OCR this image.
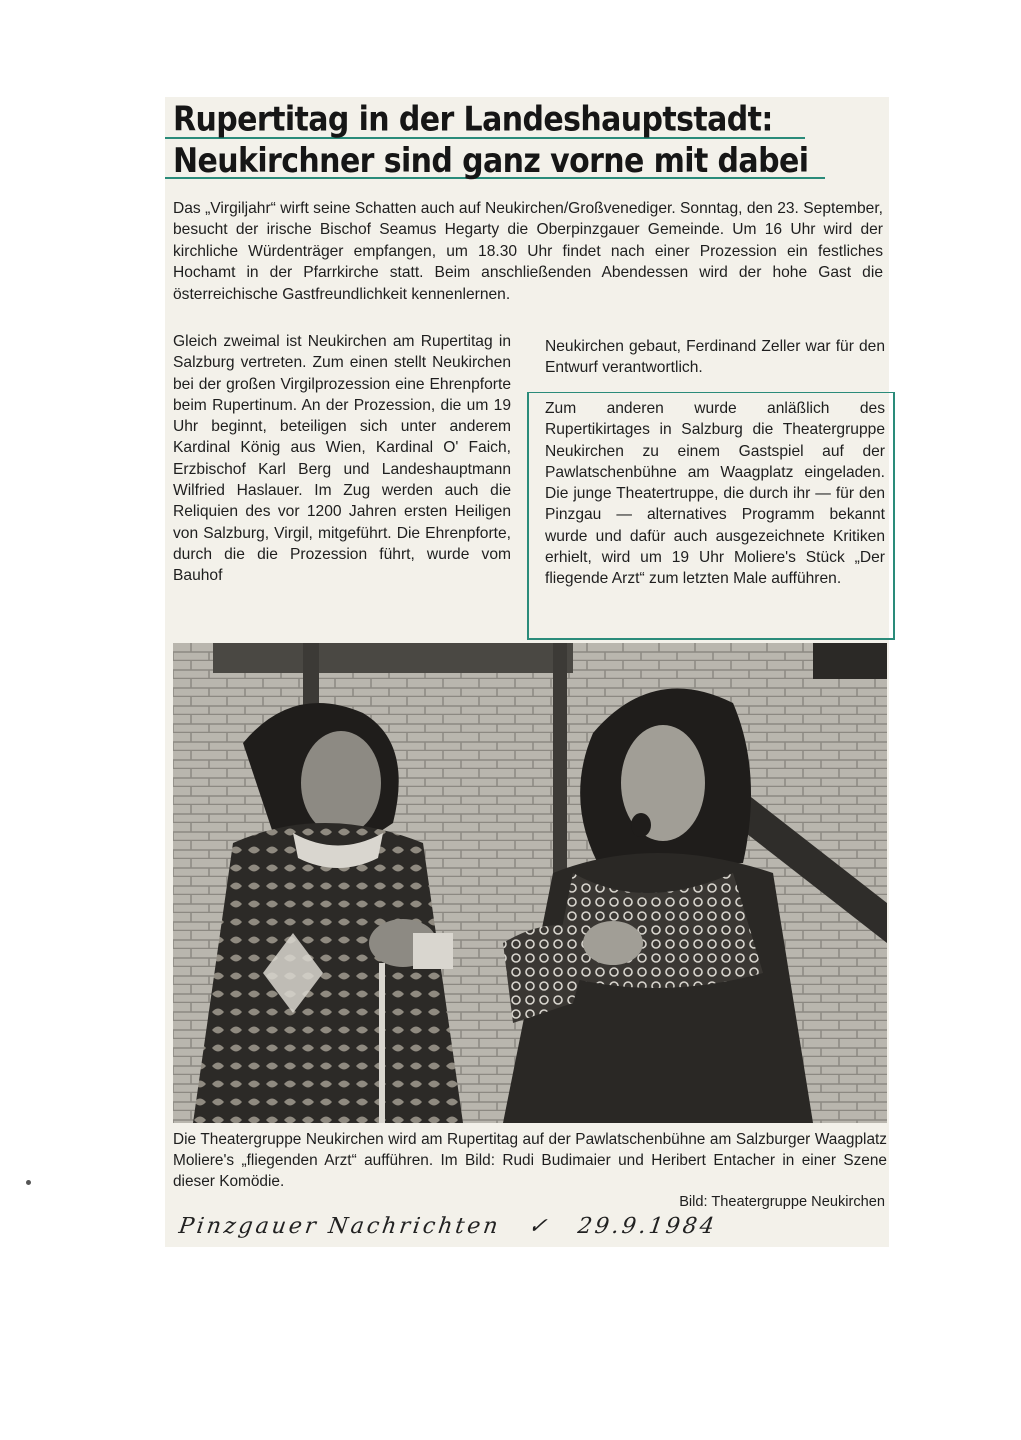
Rupertitag in der Landeshauptstadt:
Neukirchner sind ganz vorne mit dabei

Das „Virgiljahr“ wirft seine Schatten auch auf Neukirchen/Großvenediger. Sonntag, den 23. September, besucht der irische Bischof Seamus Hegarty die Oberpinzgauer Gemeinde. Um 16 Uhr wird der kirchliche Würdenträger empfangen, um 18.30 Uhr findet nach einer Prozession ein festliches Hochamt in der Pfarrkirche statt. Beim anschließenden Abendessen wird der hohe Gast die österreichische Gastfreundlichkeit kennenlernen.

Gleich zweimal ist Neukirchen am Rupertitag in Salzburg vertreten. Zum einen stellt Neukirchen bei der großen Virgilprozession eine Ehrenpforte beim Rupertinum. An der Prozession, die um 19 Uhr beginnt, beteiligen sich unter anderem Kardinal König aus Wien, Kardinal O' Faich, Erzbischof Karl Berg und Landeshauptmann Wilfried Haslauer. Im Zug werden auch die Reliquien des vor 1200 Jahren ersten Heiligen von Salzburg, Virgil, mitgeführt. Die Ehrenpforte, durch die die Prozession führt, wurde vom Bauhof

Neukirchen gebaut, Ferdinand Zeller war für den Entwurf verantwortlich.

Zum anderen wurde anläßlich des Rupertikirtages in Salzburg die Theatergruppe Neukirchen zu einem Gastspiel auf der Pawlatschenbühne am Waagplatz eingeladen. Die junge Theatertruppe, die durch ihr — für den Pinzgau — alternatives Programm bekannt wurde und dafür auch ausgezeichnete Kritiken erhielt, wird um 19 Uhr Moliere's Stück „Der fliegende Arzt“ zum letzten Male aufführen.

Die Theatergruppe Neukirchen wird am Rupertitag auf der Pawlatschenbühne am Salzburger Waagplatz Moliere's „fliegenden Arzt“ aufführen. Im Bild: Rudi Budimaier und Heribert Entacher in einer Szene dieser Komödie.

Bild: Theatergruppe Neukirchen
Pinzgauer Nachrichten ✓ 29.9.1984
